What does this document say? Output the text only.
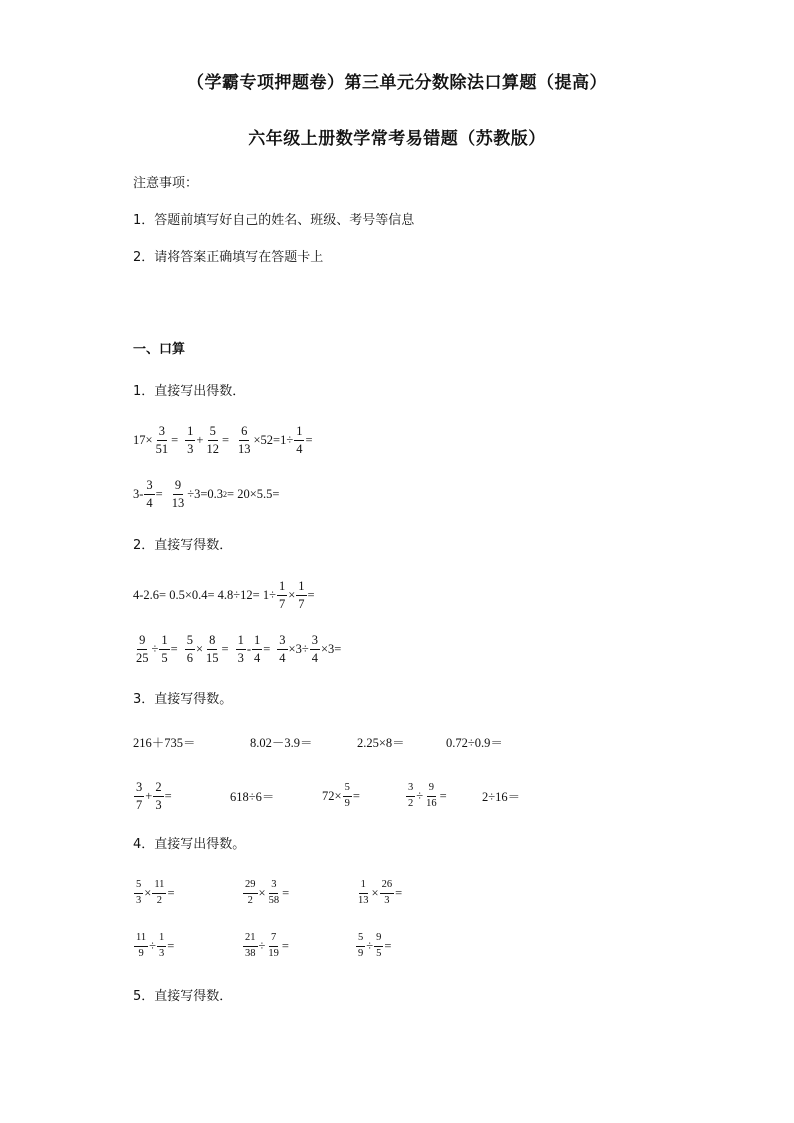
（学霸专项押题卷）第三单元分数除法口算题（提高）
六年级上册数学常考易错题（苏教版）
注意事项：
1．答题前填写好自己的姓名、班级、考号等信息
2．请将答案正确填写在答题卡上
一、口算
1．直接写出得数．
$17\times \frac{3}{51} = \frac{1}{3} + \frac{5}{12} = \frac{6}{13} \times 52=1\div \frac{1}{4}$ =
$3- \frac{3}{4} = \frac{9}{13} \div 3=0.3$ 2 = 20×5.5=
2．直接写得数．
$4-2.6= 0.5\times 0.4= 4.8\div 12= 1\div \frac{1}{7} \times \frac{1}{7}$ =
$\frac{9}{25} \div \frac{1}{5} = \frac{5}{6} \times \frac{8}{15} = \frac{1}{3} - \frac{1}{4} = \frac{3}{4} \times 3\div \frac{3}{4} \times 3=$
3．直接写得数。
216＋735＝	8.02－3.9＝	2.25×8＝	0.72÷0.9＝
$\frac{3}{7} + \frac{2}{3}$ =	618÷6＝	$72\times \frac{5}{9}$ =	$\frac{3}{2} \div \frac{9}{16}$ =	2÷16＝
4．直接写出得数。
$\frac{5}{3} \times \frac{11}{2}$ =	$\frac{29}{2} \times \frac{3}{58}$ =	$\frac{1}{13} \times \frac{26}{3}$ =
$\frac{11}{9} \div \frac{1}{3}$ =	$\frac{21}{38} \div \frac{7}{19}$ =	$\frac{5}{9} \div \frac{9}{5}$ =
5．直接写得数．
